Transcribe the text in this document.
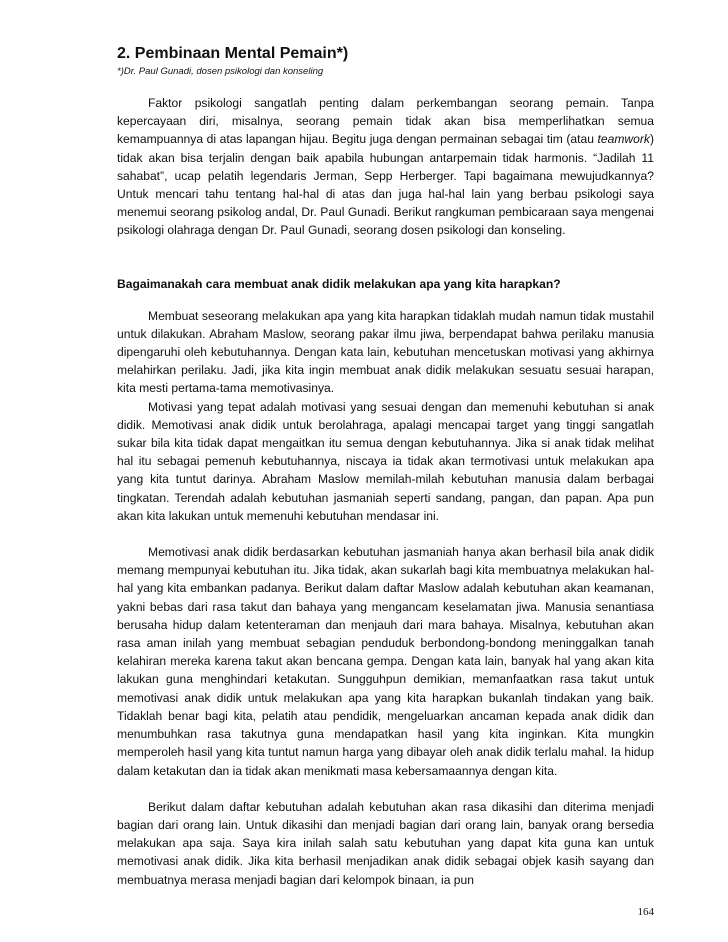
2. Pembinaan Mental Pemain*)
*)Dr. Paul Gunadi, dosen psikologi dan konseling

Faktor psikologi sangatlah penting dalam perkembangan seorang pemain. Tanpa kepercayaan diri, misalnya, seorang pemain tidak akan bisa memperlihatkan semua kemampuannya di atas lapangan hijau. Begitu juga dengan permainan sebagai tim (atau teamwork) tidak akan bisa terjalin dengan baik apabila hubungan antarpemain tidak harmonis. “Jadilah 11 sahabat”, ucap pelatih legendaris Jerman, Sepp Herberger. Tapi bagaimana mewujudkannya? Untuk mencari tahu tentang hal-hal di atas dan juga hal-hal lain yang berbau psikologi saya menemui seorang psikolog andal, Dr. Paul Gunadi. Berikut rangkuman pembicaraan saya mengenai psikologi olahraga dengan Dr. Paul Gunadi, seorang dosen psikologi dan konseling.

Bagaimanakah cara membuat anak didik melakukan apa yang kita harapkan?

Membuat seseorang melakukan apa yang kita harapkan tidaklah mudah namun tidak mustahil untuk dilakukan. Abraham Maslow, seorang pakar ilmu jiwa, berpendapat bahwa perilaku manusia dipengaruhi oleh kebutuhannya. Dengan kata lain, kebutuhan mencetuskan motivasi yang akhirnya melahirkan perilaku. Jadi, jika kita ingin membuat anak didik melakukan sesuatu sesuai harapan, kita mesti pertama-tama memotivasinya.

Motivasi yang tepat adalah motivasi yang sesuai dengan dan memenuhi kebutuhan si anak didik. Memotivasi anak didik untuk berolahraga, apalagi mencapai target yang tinggi sangatlah sukar bila kita tidak dapat mengaitkan itu semua dengan kebutuhannya. Jika si anak tidak melihat hal itu sebagai pemenuh kebutuhannya, niscaya ia tidak akan termotivasi untuk melakukan apa yang kita tuntut darinya. Abraham Maslow memilah-milah kebutuhan manusia dalam berbagai tingkatan. Terendah adalah kebutuhan jasmaniah seperti sandang, pangan, dan papan. Apa pun akan kita lakukan untuk memenuhi kebutuhan mendasar ini.

Memotivasi anak didik berdasarkan kebutuhan jasmaniah hanya akan berhasil bila anak didik memang mempunyai kebutuhan itu. Jika tidak, akan sukarlah bagi kita membuatnya melakukan hal-hal yang kita embankan padanya. Berikut dalam daftar Maslow adalah kebutuhan akan keamanan, yakni bebas dari rasa takut dan bahaya yang mengancam keselamatan jiwa. Manusia senantiasa berusaha hidup dalam ketenteraman dan menjauh dari mara bahaya. Misalnya, kebutuhan akan rasa aman inilah yang membuat sebagian penduduk berbondong-bondong meninggalkan tanah kelahiran mereka karena takut akan bencana gempa. Dengan kata lain, banyak hal yang akan kita lakukan guna menghindari ketakutan. Sungguhpun demikian, memanfaatkan rasa takut untuk memotivasi anak didik untuk melakukan apa yang kita harapkan bukanlah tindakan yang baik. Tidaklah benar bagi kita, pelatih atau pendidik, mengeluarkan ancaman kepada anak didik dan menumbuhkan rasa takutnya guna mendapatkan hasil yang kita inginkan. Kita mungkin memperoleh hasil yang kita tuntut namun harga yang dibayar oleh anak didik terlalu mahal. Ia hidup dalam ketakutan dan ia tidak akan menikmati masa kebersamaannya dengan kita.

Berikut dalam daftar kebutuhan adalah kebutuhan akan rasa dikasihi dan diterima menjadi bagian dari orang lain. Untuk dikasihi dan menjadi bagian dari orang lain, banyak orang bersedia melakukan apa saja. Saya kira inilah salah satu kebutuhan yang dapat kita guna kan untuk memotivasi anak didik. Jika kita berhasil menjadikan anak didik sebagai objek kasih sayang dan membuatnya merasa menjadi bagian dari kelompok binaan, ia pun

164
